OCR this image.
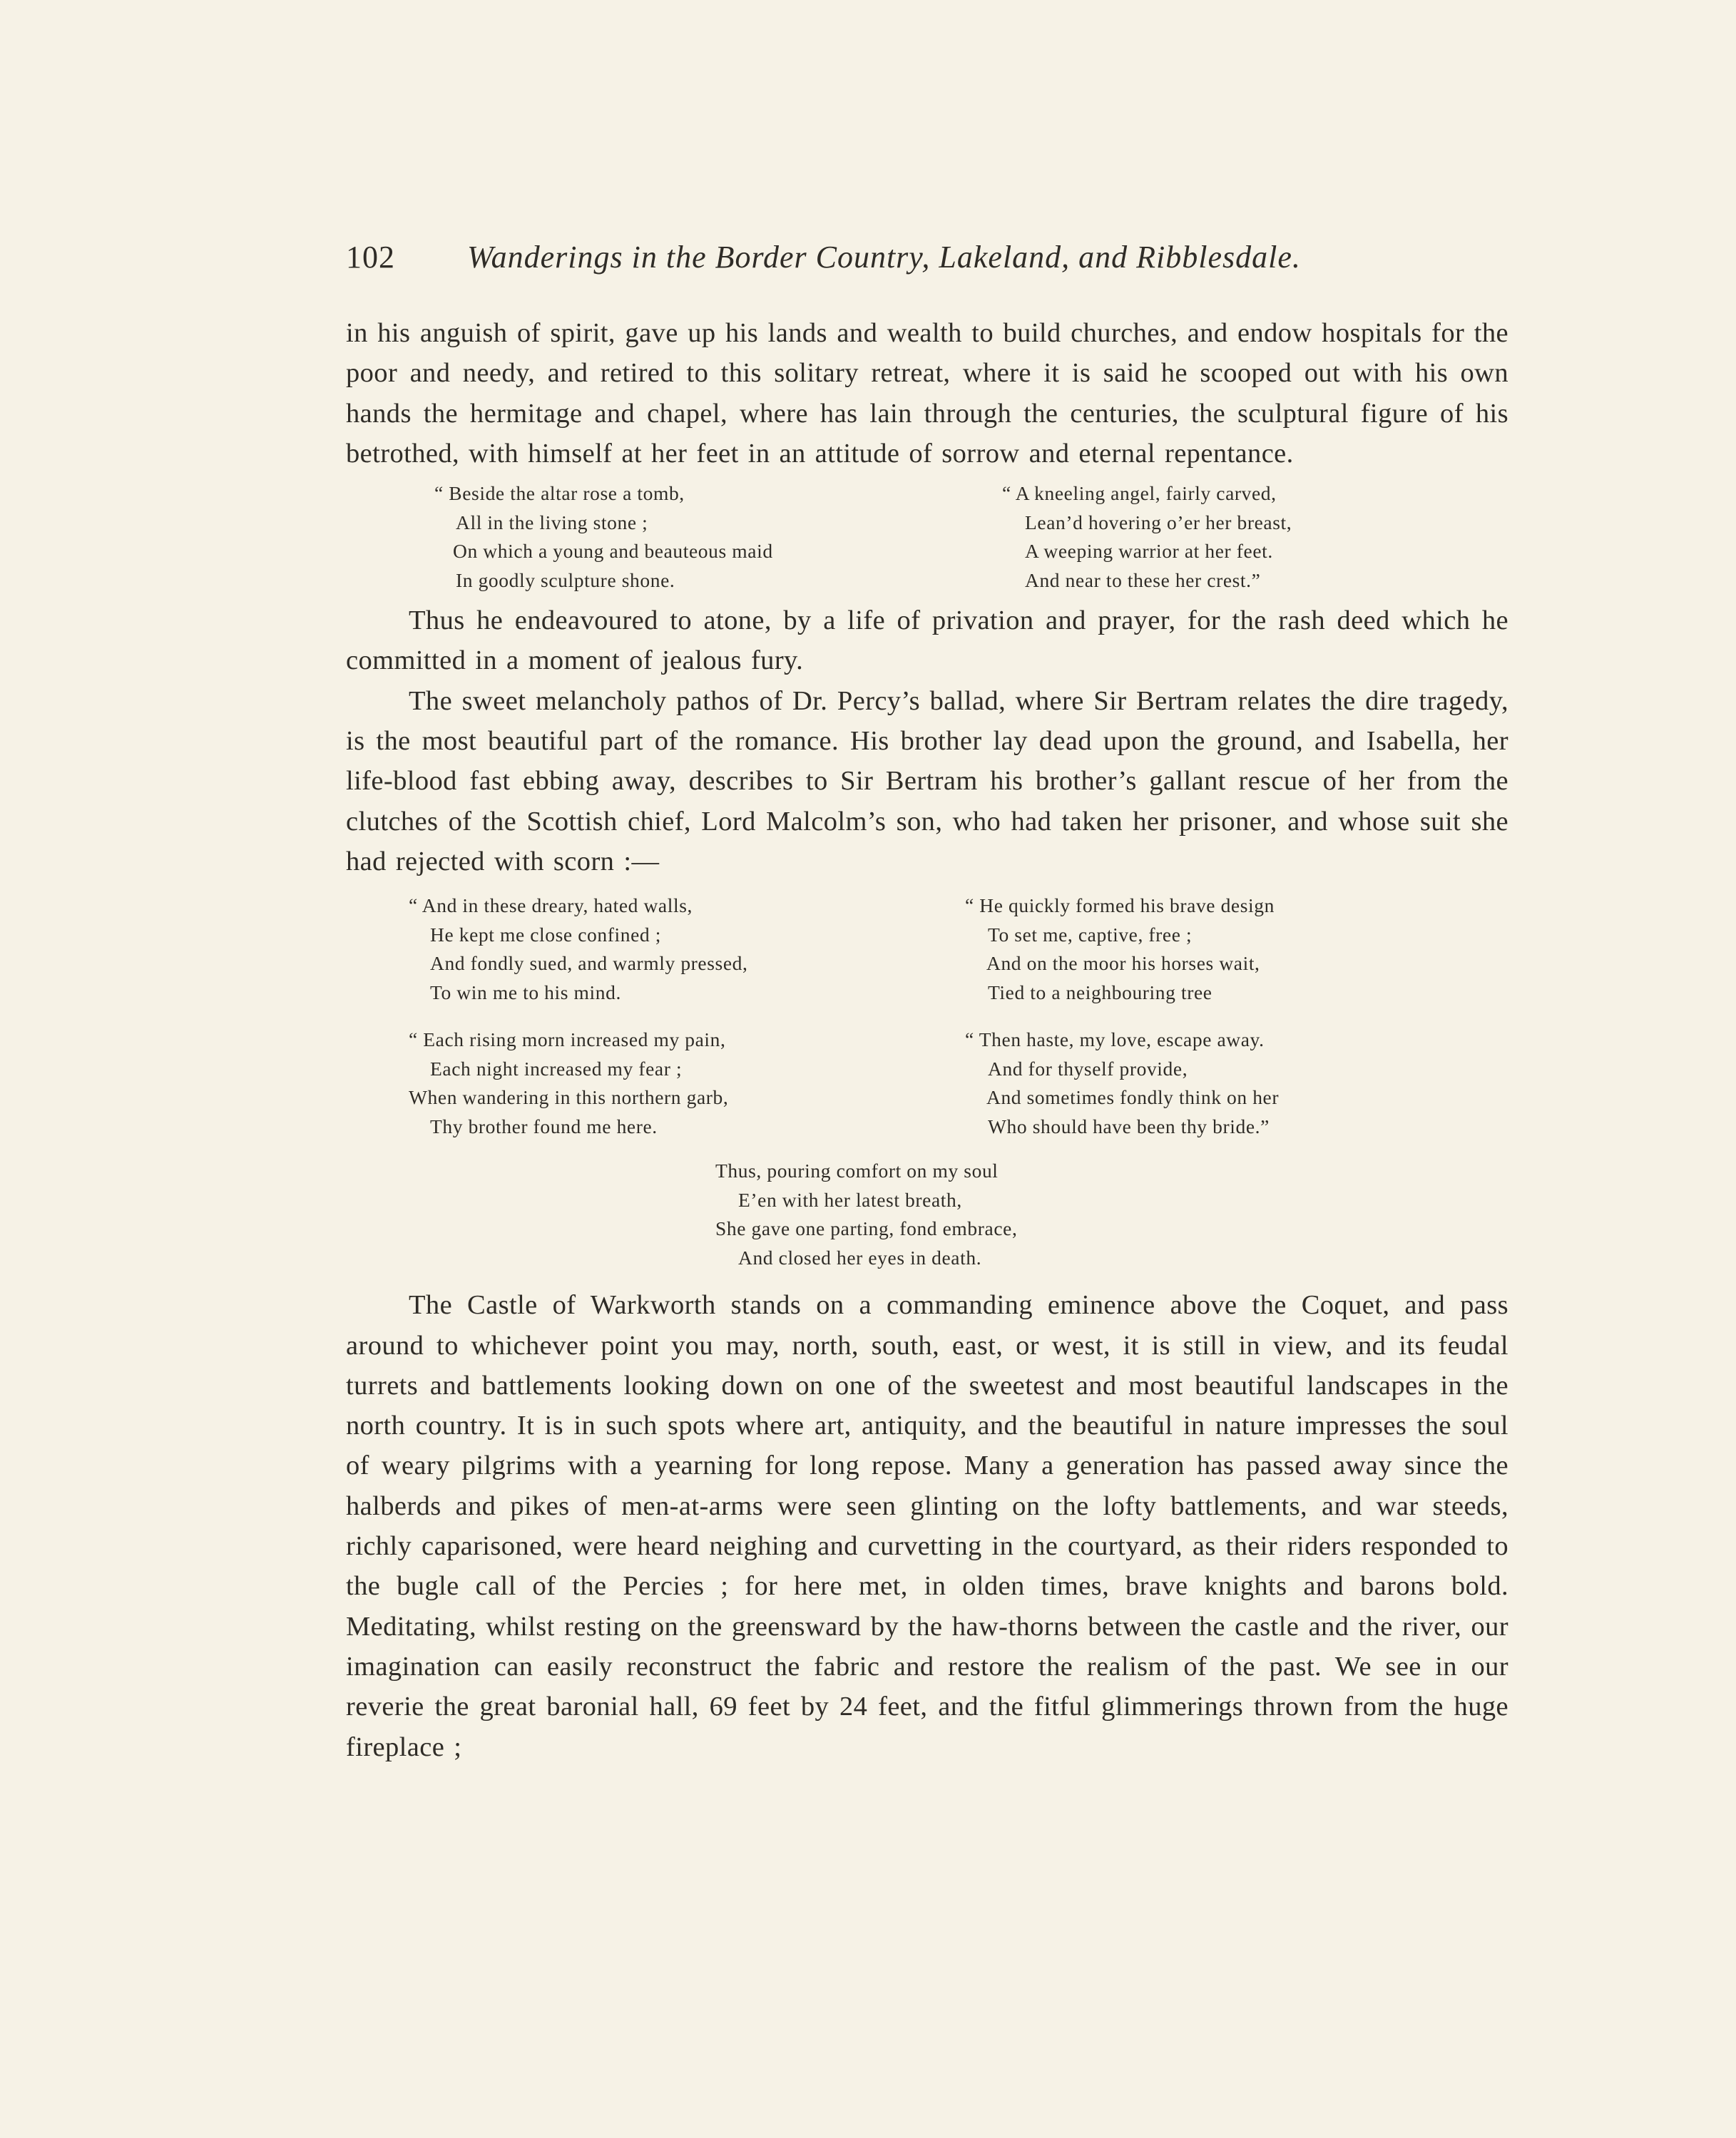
102 Wanderings in the Border Country, Lakeland, and Ribblesdale.

in his anguish of spirit, gave up his lands and wealth to build churches, and endow hospitals for the poor and needy, and retired to this solitary retreat, where it is said he scooped out with his own hands the hermitage and chapel, where has lain through the centuries, the sculptural figure of his betrothed, with himself at her feet in an attitude of sorrow and eternal repentance.

“ Beside the altar rose a tomb,
All in the living stone ;
On which a young and beauteous maid
In goodly sculpture shone.
“ A kneeling angel, fairly carved,
Lean’d hovering o’er her breast,
A weeping warrior at her feet.
And near to these her crest.”

Thus he endeavoured to atone, by a life of privation and prayer, for the rash deed which he committed in a moment of jealous fury.

The sweet melancholy pathos of Dr. Percy’s ballad, where Sir Bertram relates the dire tragedy, is the most beautiful part of the romance. His brother lay dead upon the ground, and Isabella, her life-blood fast ebbing away, describes to Sir Bertram his brother’s gallant rescue of her from the clutches of the Scottish chief, Lord Malcolm’s son, who had taken her prisoner, and whose suit she had rejected with scorn :—

“ And in these dreary, hated walls,
He kept me close confined ;
And fondly sued, and warmly pressed,
To win me to his mind.
“ He quickly formed his brave design
To set me, captive, free ;
And on the moor his horses wait,
Tied to a neighbouring tree
“ Each rising morn increased my pain,
Each night increased my fear ;
When wandering in this northern garb,
Thy brother found me here.
“ Then haste, my love, escape away.
And for thyself provide,
And sometimes fondly think on her
Who should have been thy bride.”
Thus, pouring comfort on my soul
E’en with her latest breath,
She gave one parting, fond embrace,
And closed her eyes in death.

The Castle of Warkworth stands on a commanding eminence above the Coquet, and pass around to whichever point you may, north, south, east, or west, it is still in view, and its feudal turrets and battlements looking down on one of the sweetest and most beautiful landscapes in the north country. It is in such spots where art, antiquity, and the beautiful in nature impresses the soul of weary pilgrims with a yearning for long repose. Many a generation has passed away since the halberds and pikes of men-at-arms were seen glinting on the lofty battlements, and war steeds, richly caparisoned, were heard neighing and curvetting in the courtyard, as their riders responded to the bugle call of the Percies ; for here met, in olden times, brave knights and barons bold. Meditating, whilst resting on the greensward by the haw-thorns between the castle and the river, our imagination can easily reconstruct the fabric and restore the realism of the past. We see in our reverie the great baronial hall, 69 feet by 24 feet, and the fitful glimmerings thrown from the huge fireplace ;
